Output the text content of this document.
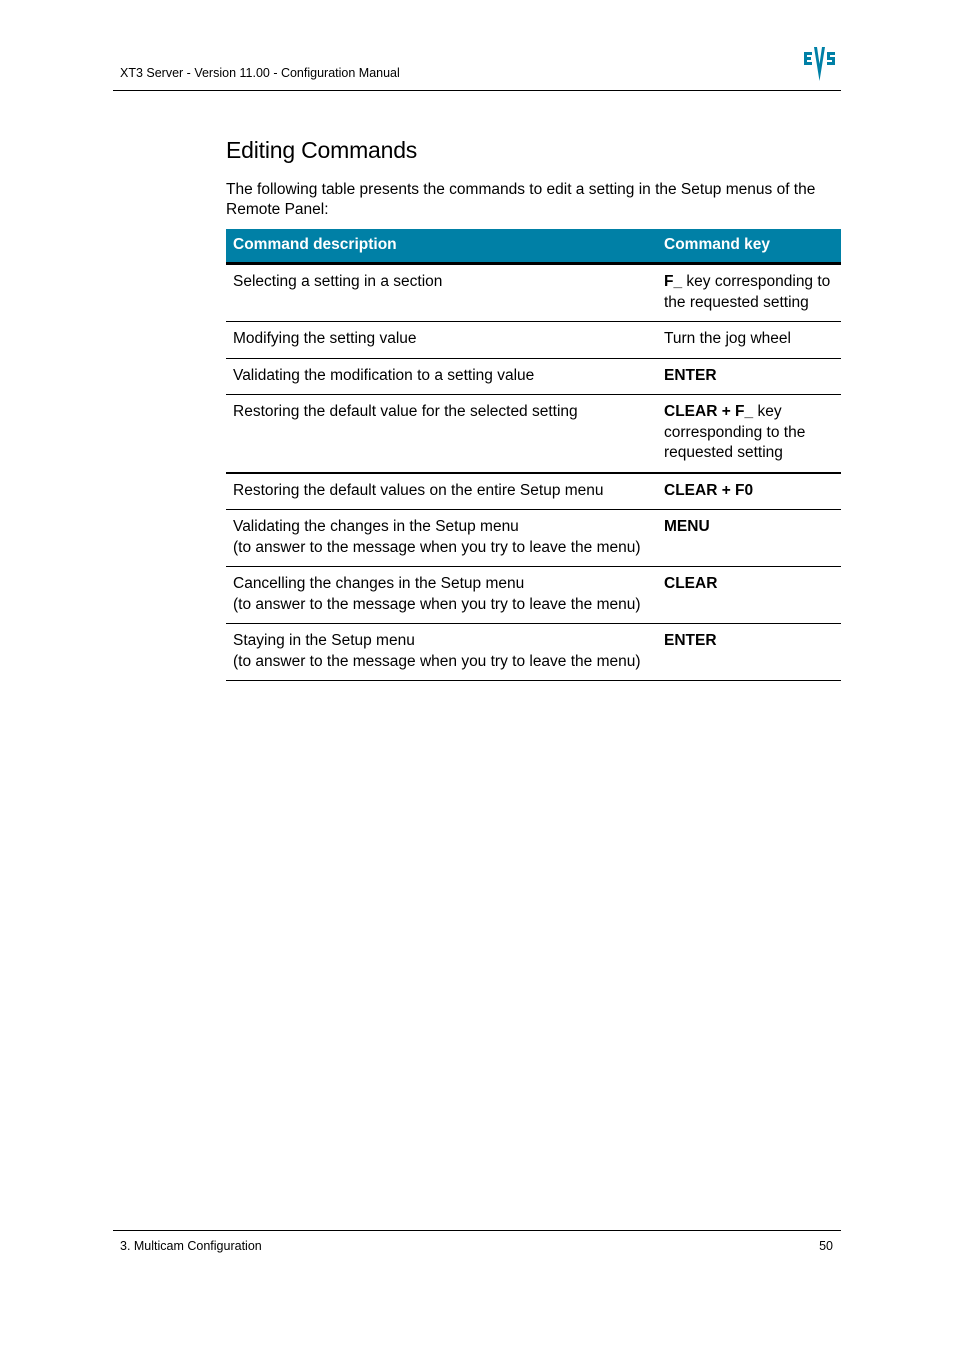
XT3 Server - Version 11.00 - Configuration Manual
Editing Commands

The following table presents the commands to edit a setting in the Setup menus of the Remote Panel:

Command description	Command key

Selecting a setting in a section	F_ key corresponding to the requested setting

Modifying the setting value	Turn the jog wheel

Validating the modification to a setting value	ENTER

Restoring the default value for the selected setting	CLEAR + F_ key corresponding to the requested setting

Restoring the default values on the entire Setup menu	CLEAR + F0

Validating the changes in the Setup menu
(to answer to the message when you try to leave the menu)	MENU

Cancelling the changes in the Setup menu
(to answer to the message when you try to leave the menu)	CLEAR

Staying in the Setup menu
(to answer to the message when you try to leave the menu)	ENTER
3. Multicam Configuration	50
